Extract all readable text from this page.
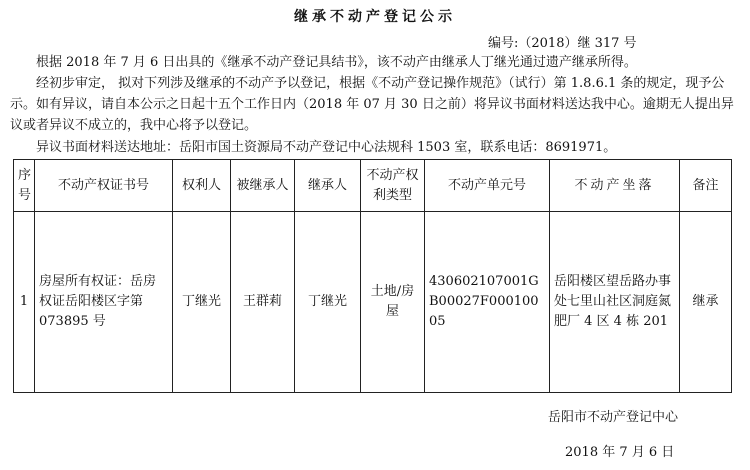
继承不动产登记公示
编号:（2018）继 317 号
根据 2018 年 7 月 6 日出具的《继承不动产登记具结书》，该不动产由继承人丁继光通过遗产继承所得。
经初步审定， 拟对下列涉及继承的不动产予以登记，根据《不动产登记操作规范》（试行）第 1.8.6.1 条的规定，现予公示。如有异议，请自本公示之日起十五个工作日内（2018 年 07 月 30 日之前）将异议书面材料送达我中心。逾期无人提出异议或者异议不成立的，我中心将予以登记。
异议书面材料送达地址：岳阳市国土资源局不动产登记中心法规科 1503 室，联系电话：8691971。
序号	不动产权证书号	权利人	被继承人	继承人	不动产权利类型	不动产单元号	不动产坐落	备注
1	房屋所有权证：岳房权证岳阳楼区字第 073895 号	丁继光	王群莉	丁继光	土地/房屋	430602107001GB00027F00010005	岳阳楼区望岳路办事处七里山社区洞庭氮肥厂 4 区 4 栋 201	继承
岳阳市不动产登记中心
2018 年 7 月 6 日
